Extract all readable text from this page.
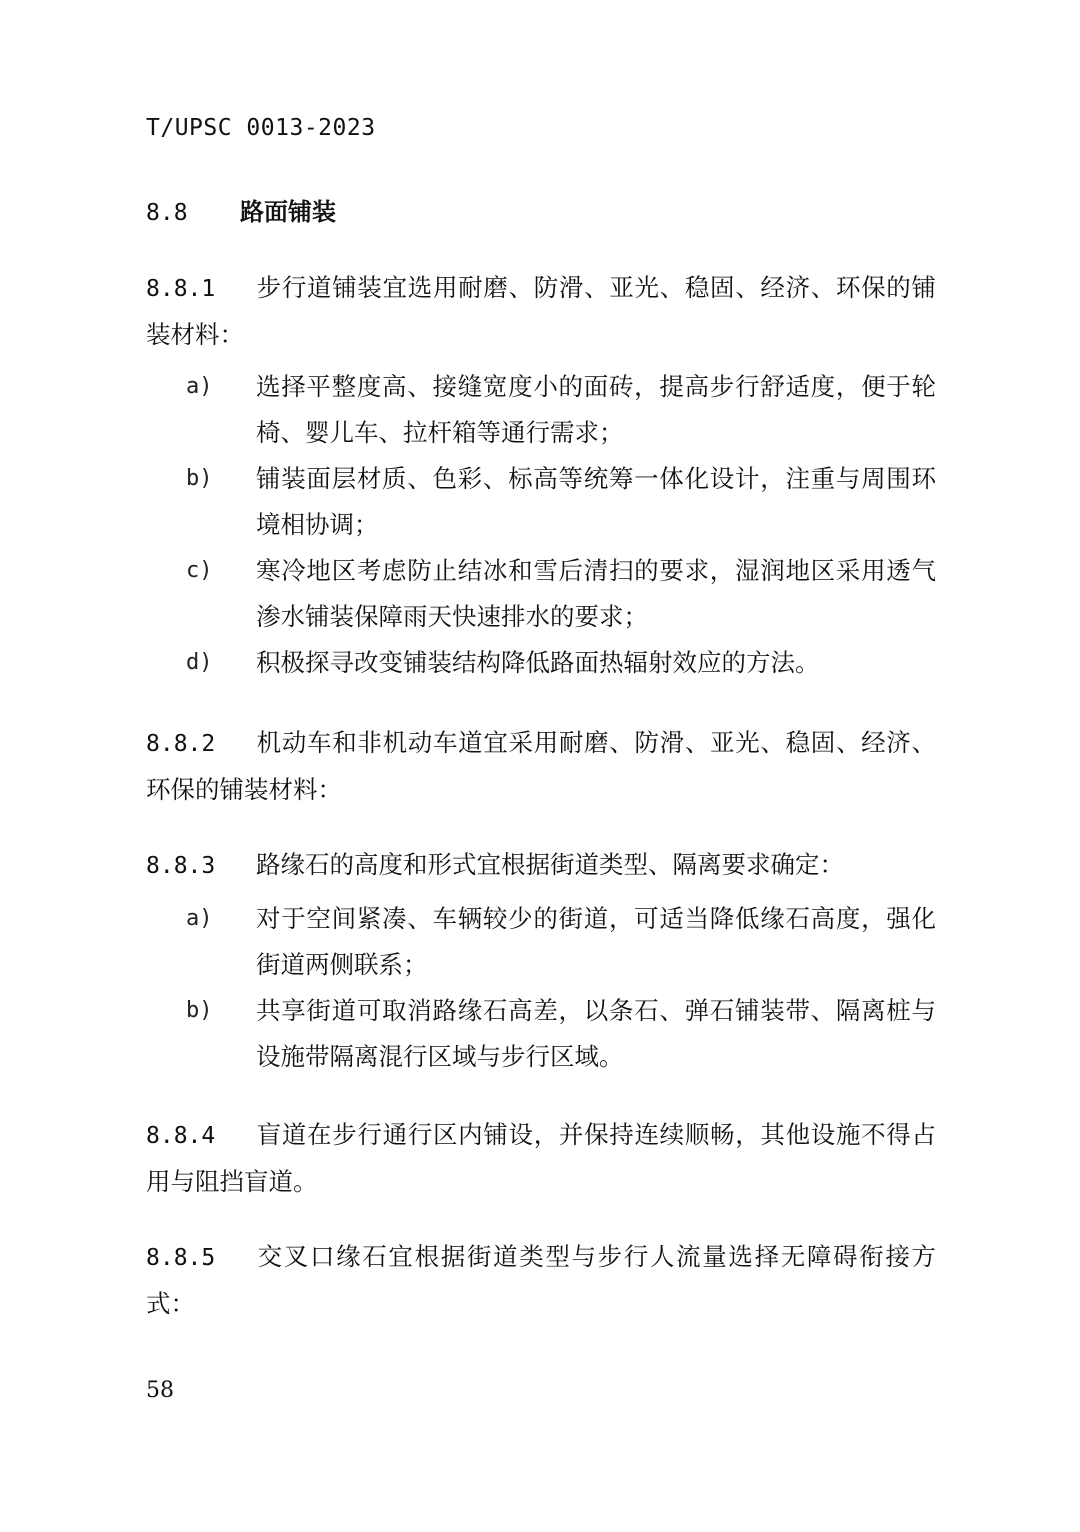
T/UPSC 0013-2023
8.8 路面铺装
8.8.1 步行道铺装宜选用耐磨、防滑、亚光、稳固、经济、环保的铺装材料：
a)	选择平整度高、接缝宽度小的面砖，提高步行舒适度，便于轮椅、婴儿车、拉杆箱等通行需求；
b)	铺装面层材质、色彩、标高等统筹一体化设计，注重与周围环境相协调；
c)	寒冷地区考虑防止结冰和雪后清扫的要求，湿润地区采用透气渗水铺装保障雨天快速排水的要求；
d)	积极探寻改变铺装结构降低路面热辐射效应的方法。
8.8.2 机动车和非机动车道宜采用耐磨、防滑、亚光、稳固、经济、环保的铺装材料：
8.8.3 路缘石的高度和形式宜根据街道类型、隔离要求确定：
a)	对于空间紧凑、车辆较少的街道，可适当降低缘石高度，强化街道两侧联系；
b)	共享街道可取消路缘石高差，以条石、弹石铺装带、隔离桩与设施带隔离混行区域与步行区域。
8.8.4 盲道在步行通行区内铺设，并保持连续顺畅，其他设施不得占用与阻挡盲道。
8.8.5 交叉口缘石宜根据街道类型与步行人流量选择无障碍衔接方式：
58
